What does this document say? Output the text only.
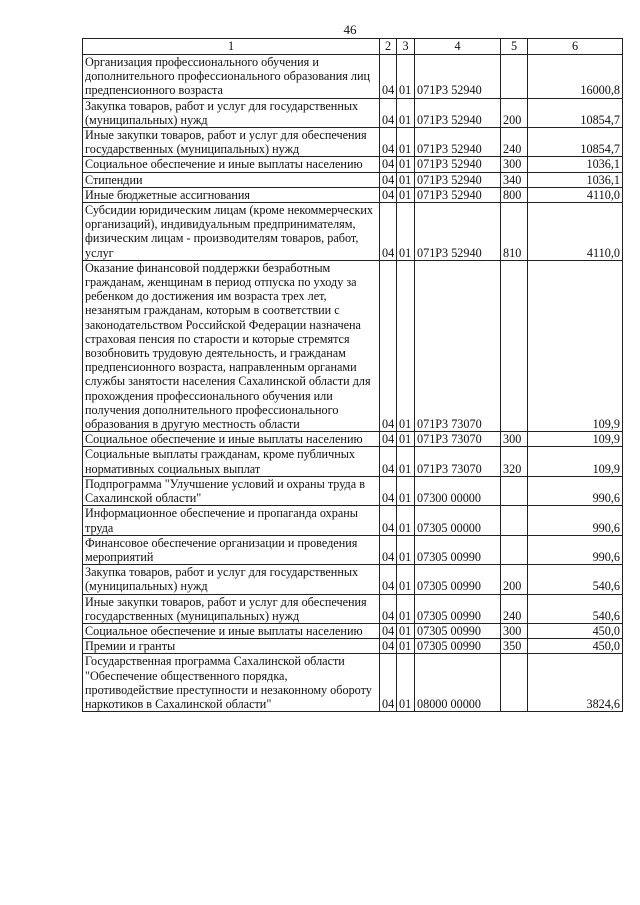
46
1	2	3	4	5	6
Организация профессионального обучения и дополнительного профессионального образования лиц предпенсионного возраста	04	01	071Р3 52940		16000,8
Закупка товаров, работ и услуг для государственных (муниципальных) нужд	04	01	071Р3 52940	200	10854,7
Иные закупки товаров, работ и услуг для обеспечения государственных (муниципальных) нужд	04	01	071Р3 52940	240	10854,7
Социальное обеспечение и иные выплаты населению	04	01	071Р3 52940	300	1036,1
Стипендии	04	01	071Р3 52940	340	1036,1
Иные бюджетные ассигнования	04	01	071Р3 52940	800	4110,0
Субсидии юридическим лицам (кроме некоммерческих организаций), индивидуальным предпринимателям, физическим лицам - производителям товаров, работ, услуг	04	01	071Р3 52940	810	4110,0
Оказание финансовой поддержки безработным гражданам, женщинам в период отпуска по уходу за ребенком до достижения им возраста трех лет, незанятым гражданам, которым в соответствии с законодательством Российской Федерации назначена страховая пенсия по старости и которые стремятся возобновить трудовую деятельность, и гражданам предпенсионного возраста, направленным органами службы занятости населения Сахалинской области для прохождения профессионального обучения или получения дополнительного профессионального образования в другую местность области	04	01	071Р3 73070		109,9
Социальное обеспечение и иные выплаты населению	04	01	071Р3 73070	300	109,9
Социальные выплаты гражданам, кроме публичных нормативных социальных выплат	04	01	071Р3 73070	320	109,9
Подпрограмма "Улучшение условий и охраны труда в Сахалинской области"	04	01	07300 00000		990,6
Информационное обеспечение и пропаганда охраны труда	04	01	07305 00000		990,6
Финансовое обеспечение организации и проведения мероприятий	04	01	07305 00990		990,6
Закупка товаров, работ и услуг для государственных (муниципальных) нужд	04	01	07305 00990	200	540,6
Иные закупки товаров, работ и услуг для обеспечения государственных (муниципальных) нужд	04	01	07305 00990	240	540,6
Социальное обеспечение и иные выплаты населению	04	01	07305 00990	300	450,0
Премии и гранты	04	01	07305 00990	350	450,0
Государственная программа Сахалинской области "Обеспечение общественного порядка, противодействие преступности и незаконному обороту наркотиков в Сахалинской области"	04	01	08000 00000		3824,6
